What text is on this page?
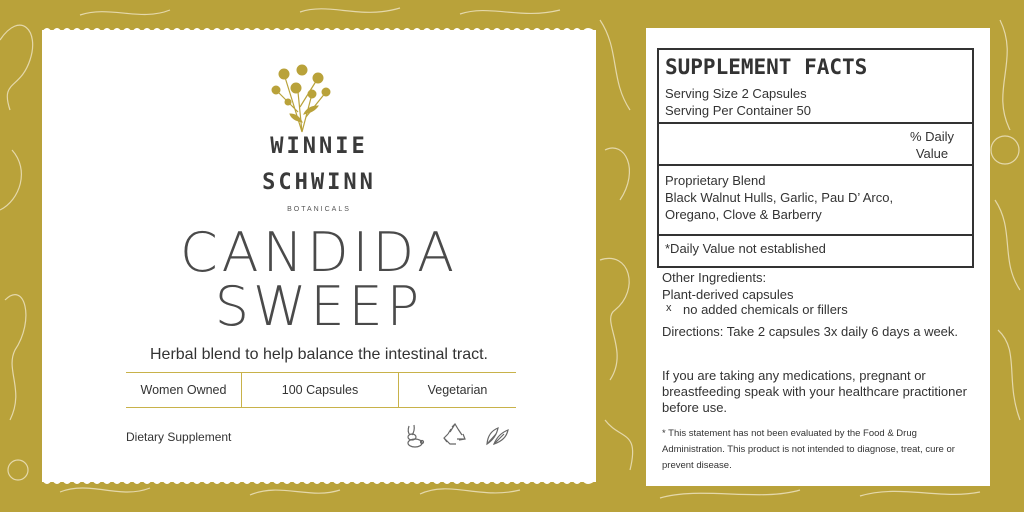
WINNIE
SCHWINN
BOTANICALS
CANDIDA
SWEEP
Herbal blend to help balance the intestinal tract.
Women Owned	100 Capsules	Vegetarian
Dietary Supplement
SUPPLEMENT FACTS
Serving Size 2 Capsules
Serving Per Container 50
% Daily
Value
Proprietary Blend
Black Walnut Hulls, Garlic, Pau D’ Arco,
Oregano, Clove & Barberry
*Daily Value not established
Other Ingredients:
Plant-derived capsules
x no added chemicals or fillers
Directions: Take 2 capsules 3x daily 6 days a week.
If you are taking any medications, pregnant or breastfeeding speak with your healthcare practitioner before use.
* This statement has not been evaluated by the Food & Drug Administration. This product is not intended to diagnose, treat, cure or prevent disease.
